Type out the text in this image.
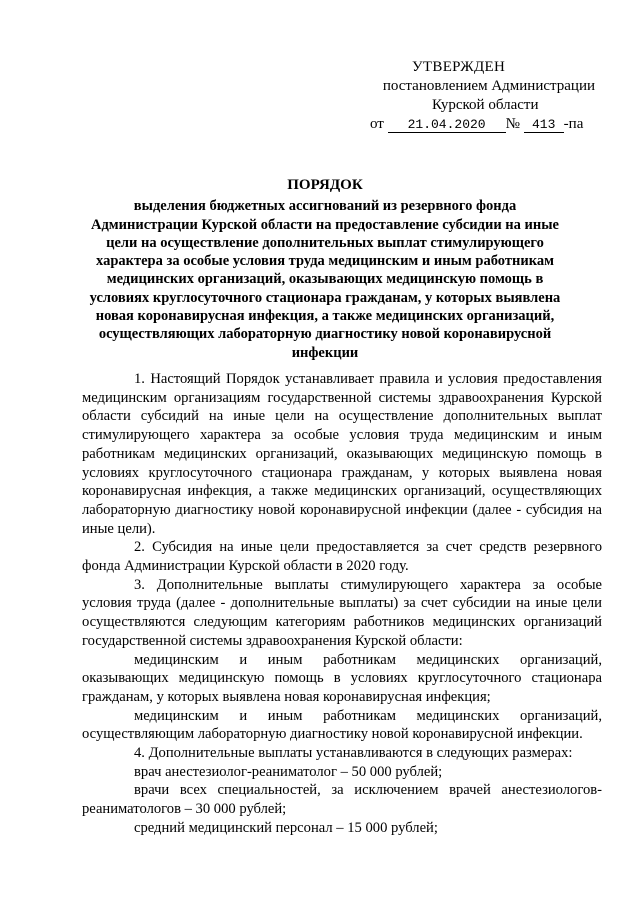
УТВЕРЖДЕН
постановлением Администрации
Курской области
от 21.04.2020 № 413 -па
ПОРЯДОК
выделения бюджетных ассигнований из резервного фонда Администрации Курской области на предоставление субсидии на иные цели на осуществление дополнительных выплат стимулирующего характера за особые условия труда медицинским и иным работникам медицинских организаций, оказывающих медицинскую помощь в условиях круглосуточного стационара гражданам, у которых выявлена новая коронавирусная инфекция, а также медицинских организаций, осуществляющих лабораторную диагностику новой коронавирусной инфекции

1. Настоящий Порядок устанавливает правила и условия предоставления медицинским организациям государственной системы здравоохранения Курской области субсидий на иные цели на осуществление дополнительных выплат стимулирующего характера за особые условия труда медицинским и иным работникам медицинских организаций, оказывающих медицинскую помощь в условиях круглосуточного стационара гражданам, у которых выявлена новая коронавирусная инфекция, а также медицинских организаций, осуществляющих лабораторную диагностику новой коронавирусной инфекции (далее - субсидия на иные цели).

2. Субсидия на иные цели предоставляется за счет средств резервного фонда Администрации Курской области в 2020 году.

3. Дополнительные выплаты стимулирующего характера за особые условия труда (далее - дополнительные выплаты) за счет субсидии на иные цели осуществляются следующим категориям работников медицинских организаций государственной системы здравоохранения Курской области:

медицинским и иным работникам медицинских организаций, оказывающих медицинскую помощь в условиях круглосуточного стационара гражданам, у которых выявлена новая коронавирусная инфекция;

медицинским и иным работникам медицинских организаций, осуществляющим лабораторную диагностику новой коронавирусной инфекции.

4. Дополнительные выплаты устанавливаются в следующих размерах:

врач анестезиолог-реаниматолог – 50 000 рублей;

врачи всех специальностей, за исключением врачей анестезиологов-реаниматологов – 30 000 рублей;

средний медицинский персонал – 15 000 рублей;
